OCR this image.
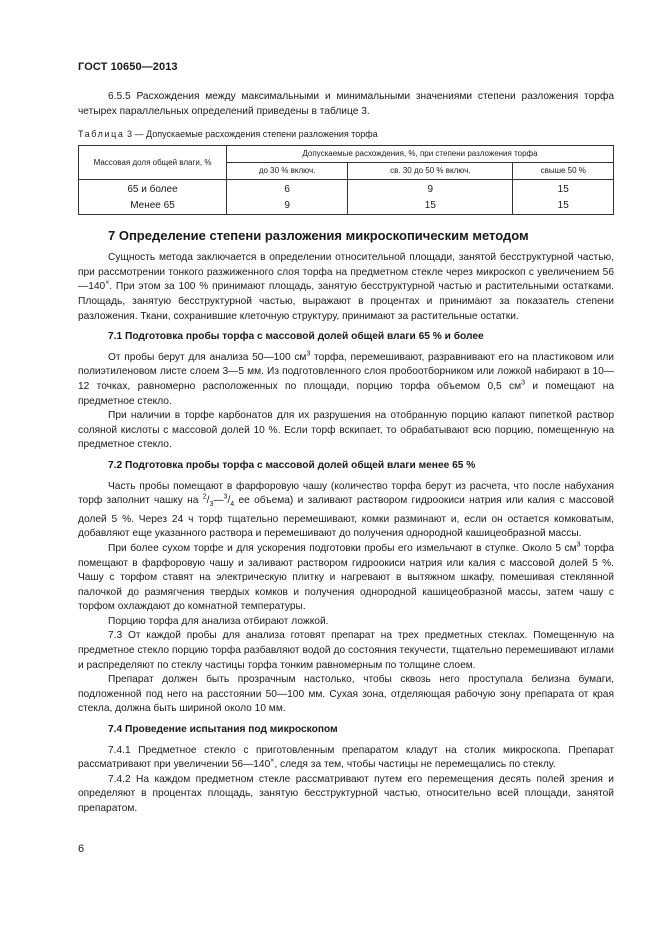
ГОСТ 10650—2013

6.5.5 Расхождения между максимальными и минимальными значениями степени разложения торфа четырех параллельных определений приведены в таблице 3.

Таблица 3 — Допускаемые расхождения степени разложения торфа
Массовая доля общей влаги, %	Допускаемые расхождения, %, при степени разложения торфа		
	до 30 % включ.	св. 30 до 50 % включ.	свыше 50 %
65 и более	6	9	15
Менее 65	9	15	15
7 Определение степени разложения микроскопическим методом

Сущность метода заключается в определении относительной площади, занятой бесструктурной частью, при рассмотрении тонкого разжиженного слоя торфа на предметном стекле через микроскоп с увеличением 56—140×. При этом за 100 % принимают площадь, занятую бесструктурной частью и растительными остатками. Площадь, занятую бесструктурной частью, выражают в процентах и принимают за показатель степени разложения. Ткани, сохранившие клеточную структуру, принимают за растительные остатки.

7.1 Подготовка пробы торфа с массовой долей общей влаги 65 % и более

От пробы берут для анализа 50—100 $см^3$ торфа, перемешивают, разравнивают его на пластиковом или полиэтиленовом листе слоем 3—5 мм. Из подготовленного слоя пробоотборником или ложкой набирают в 10—12 точках, равномерно расположенных по площади, порцию торфа объемом 0,5 $см^3$ и помещают на предметное стекло.

При наличии в торфе карбонатов для их разрушения на отобранную порцию капают пипеткой раствор соляной кислоты с массовой долей 10 %. Если торф вскипает, то обрабатывают всю порцию, помещенную на предметное стекло.

7.2 Подготовка пробы торфа с массовой долей общей влаги менее 65 %

Часть пробы помещают в фарфоровую чашу (количество торфа берут из расчета, что после набухания торф заполнит чашку на $^2/_3—^3/_4$ ее объема) и заливают раствором гидроокиси натрия или калия с массовой долей 5 %. Через 24 ч торф тщательно перемешивают, комки разминают и, если он остается комковатым, добавляют еще указанного раствора и перемешивают до получения однородной кашицеобразной массы.

При более сухом торфе и для ускорения подготовки пробы его измельчают в ступке. Около 5 $см^3$ торфа помещают в фарфоровую чашу и заливают раствором гидроокиси натрия или калия с массовой долей 5 %. Чашу с торфом ставят на электрическую плитку и нагревают в вытяжном шкафу, помешивая стеклянной палочкой до размягчения твердых комков и получения однородной кашицеобразной массы, затем чашу с торфом охлаждают до комнатной температуры.

Порцию торфа для анализа отбирают ложкой.

7.3 От каждой пробы для анализа готовят препарат на трех предметных стеклах. Помещенную на предметное стекло порцию торфа разбавляют водой до состояния текучести, тщательно перемешивают иглами и распределяют по стеклу частицы торфа тонким равномерным по толщине слоем.

Препарат должен быть прозрачным настолько, чтобы сквозь него проступала белизна бумаги, подложенной под него на расстоянии 50—100 мм. Сухая зона, отделяющая рабочую зону препарата от края стекла, должна быть шириной около 10 мм.

7.4 Проведение испытания под микроскопом

7.4.1 Предметное стекло с приготовленным препаратом кладут на столик микроскопа. Препарат рассматривают при увеличении 56—140×, следя за тем, чтобы частицы не перемещались по стеклу.

7.4.2 На каждом предметном стекле рассматривают путем его перемещения десять полей зрения и определяют в процентах площадь, занятую бесструктурной частью, относительно всей площади, занятой препаратом.

6
